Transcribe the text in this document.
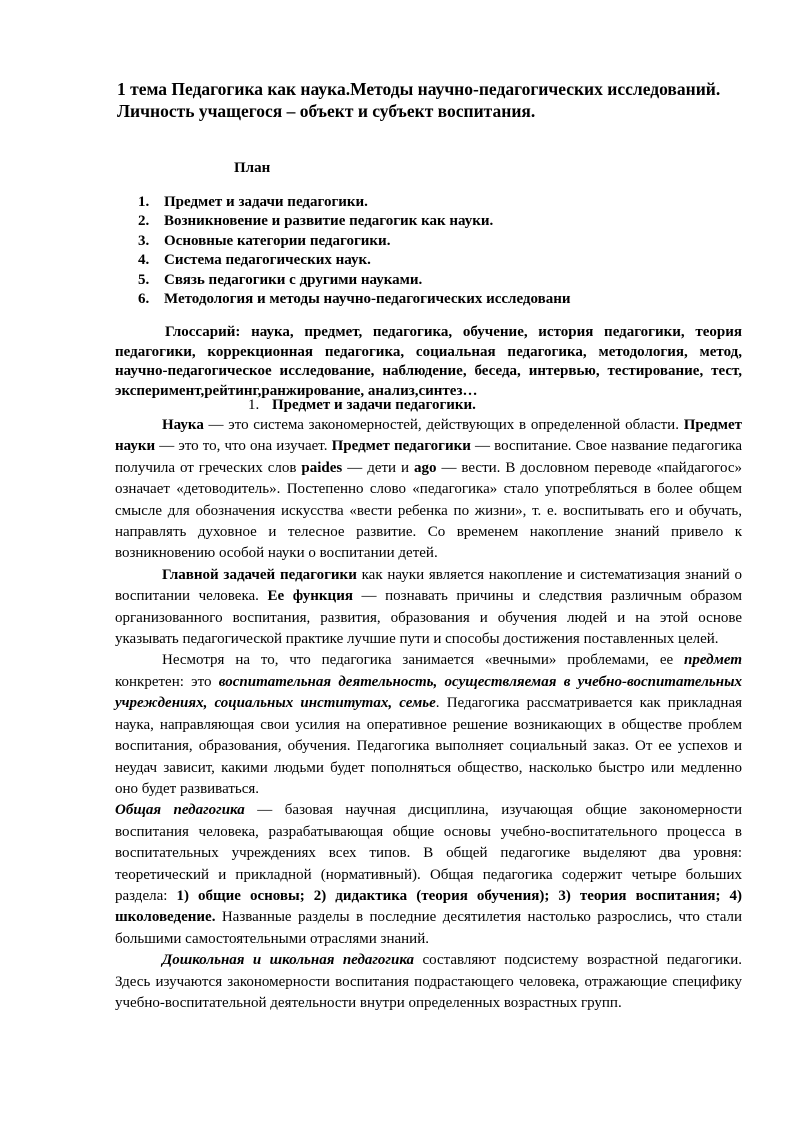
1 тема Педагогика как наука.Методы научно-педагогических исследований.
Личность учащегося – объект и субъект воспитания.
План
1. Предмет и задачи педагогики.
2. Возникновение и развитие педагогик как науки.
3. Основные категории педагогики.
4. Система педагогических наук.
5. Связь педагогики с другими науками.
6. Методология и методы научно-педагогических исследовани
Глоссарий: наука, предмет, педагогика, обучение, история педагогики, теория педагогики, коррекционная педагогика, социальная педагогика, методология, метод, научно-педагогическое исследование, наблюдение, беседа, интервью, тестирование, тест, эксперимент,рейтинг,ранжирование, анализ,синтез…
1. Предмет и задачи педагогики.

Наука — это система закономерностей, действующих в определенной области. Предмет науки — это то, что она изучает. Предмет педагогики — воспитание. Свое название педагогика получила от греческих слов paides — дети и ago — вести. В дословном переводе «пайдагогос» означает «детоводитель». Постепенно слово «педагогика» стало употребляться в более общем смысле для обозначения искусства «вести ребенка по жизни», т. е. воспитывать его и обучать, направлять духовное и телесное развитие. Со временем накопление знаний привело к возникновению особой науки о воспитании детей.

Главной задачей педагогики как науки является накопление и систематизация знаний о воспитании человека. Ее функция — познавать причины и следствия различным образом организованного воспитания, развития, образования и обучения людей и на этой основе указывать педагогической практике лучшие пути и способы достижения поставленных целей.

Несмотря на то, что педагогика занимается «вечными» проблемами, ее предмет конкретен: это воспитательная деятельность, осуществляемая в учебно-воспитательных учреждениях, социальных институтах, семье. Педагогика рассматривается как прикладная наука, направляющая свои усилия на оперативное решение возникающих в обществе проблем воспитания, образования, обучения. Педагогика выполняет социальный заказ. От ее успехов и неудач зависит, какими людьми будет пополняться общество, насколько быстро или медленно оно будет развиваться.

Общая педагогика — базовая научная дисциплина, изучающая общие закономерности воспитания человека, разрабатывающая общие основы учебно-воспитательного процесса в воспитательных учреждениях всех типов. В общей педагогике выделяют два уровня: теоретический и прикладной (нормативный). Общая педагогика содержит четыре больших раздела: 1) общие основы; 2) дидактика (теория обучения); 3) теория воспитания; 4) школоведение. Названные разделы в последние десятилетия настолько разрослись, что стали большими самостоятельными отраслями знаний.

Дошкольная и школьная педагогика составляют подсистему возрастной педагогики. Здесь изучаются закономерности воспитания подрастающего человека, отражающие специфику учебно-воспитательной деятельности внутри определенных возрастных групп.
